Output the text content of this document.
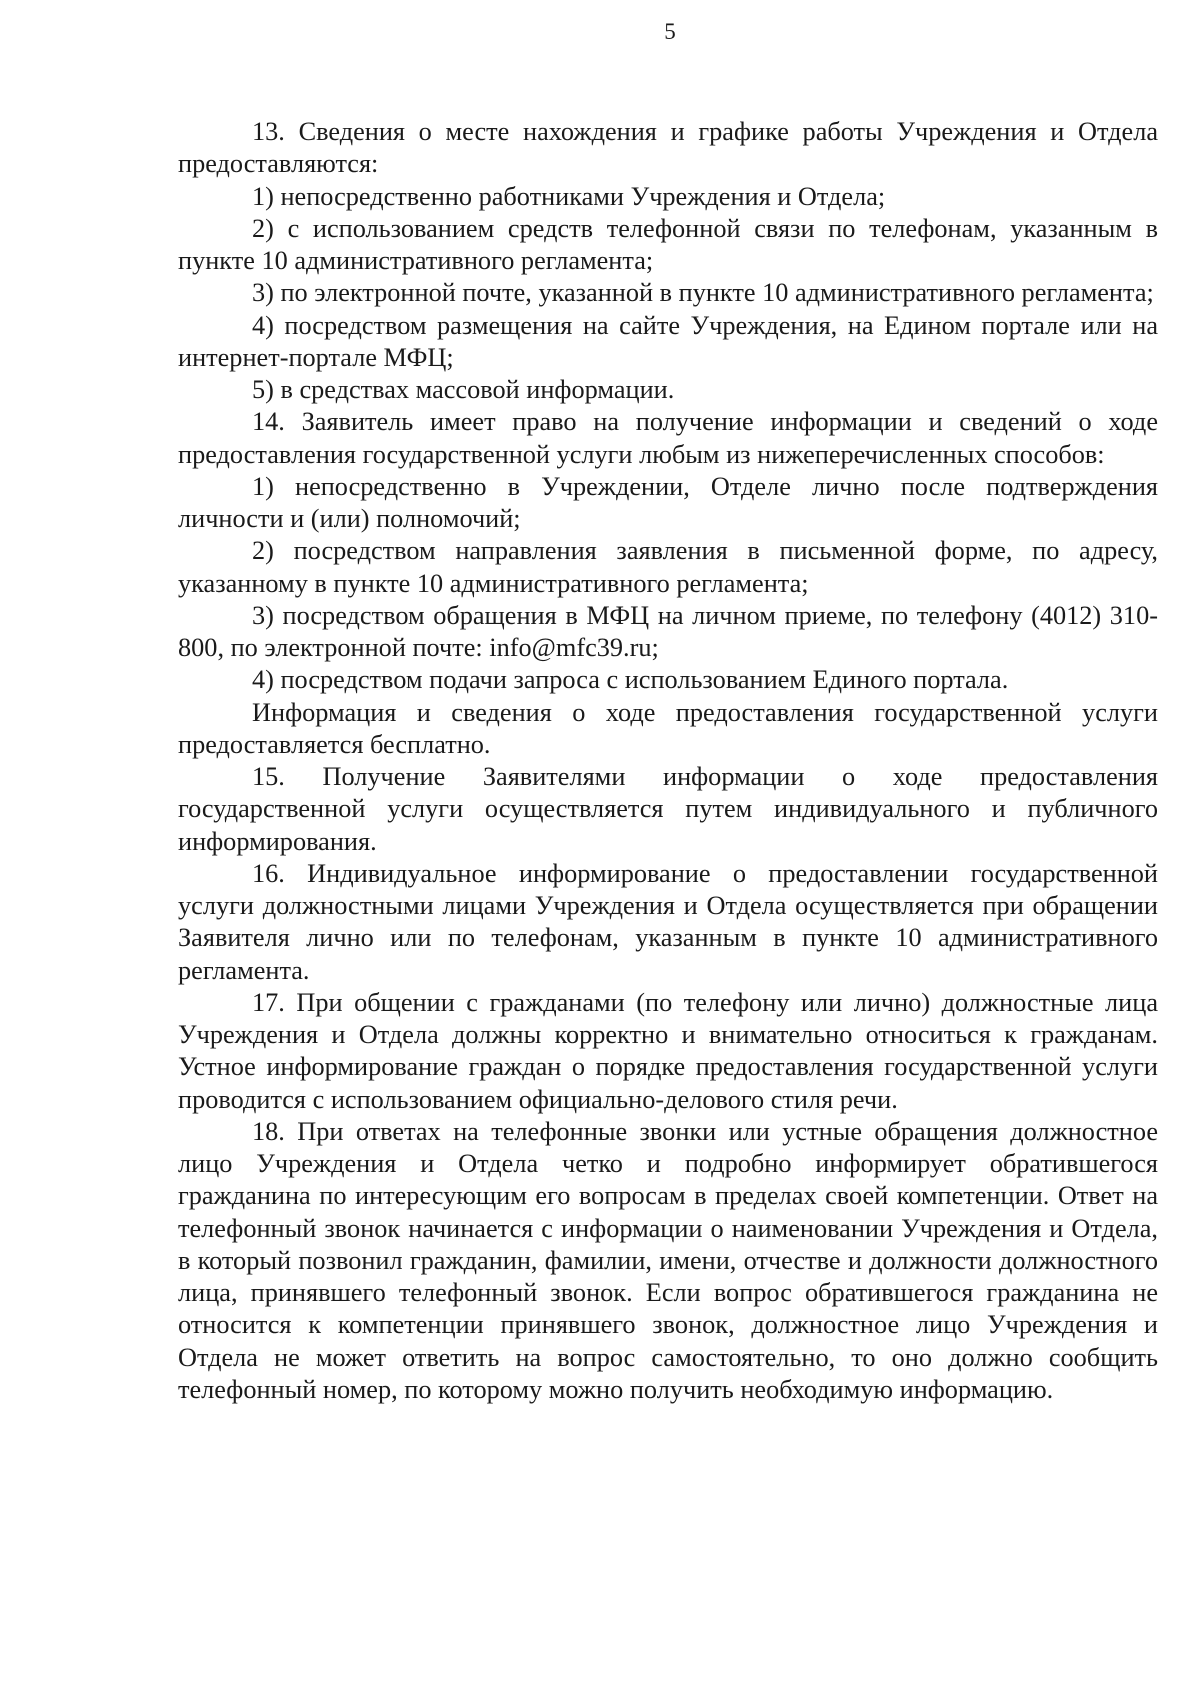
5

13. Сведения о месте нахождения и графике работы Учреждения и Отдела предоставляются:

1) непосредственно работниками Учреждения и Отдела;

2) с использованием средств телефонной связи по телефонам, указанным в пункте 10 административного регламента;

3) по электронной почте, указанной в пункте 10 административного регламента;

4) посредством размещения на сайте Учреждения, на Едином портале или на интернет-портале МФЦ;

5) в средствах массовой информации.

14. Заявитель имеет право на получение информации и сведений о ходе предоставления государственной услуги любым из нижеперечисленных способов:

1) непосредственно в Учреждении, Отделе лично после подтверждения личности и (или) полномочий;

2) посредством направления заявления в письменной форме, по адресу, указанному в пункте 10 административного регламента;

3) посредством обращения в МФЦ на личном приеме, по телефону (4012) 310-800, по электронной почте: info@mfc39.ru;

4) посредством подачи запроса с использованием Единого портала.

Информация и сведения о ходе предоставления государственной услуги предоставляется бесплатно.

15. Получение Заявителями информации о ходе предоставления государственной услуги осуществляется путем индивидуального и публичного информирования.

16. Индивидуальное информирование о предоставлении государственной услуги должностными лицами Учреждения и Отдела осуществляется при обращении Заявителя лично или по телефонам, указанным в пункте 10 административного регламента.

17. При общении с гражданами (по телефону или лично) должностные лица Учреждения и Отдела должны корректно и внимательно относиться к гражданам. Устное информирование граждан о порядке предоставления государственной услуги проводится с использованием официально-делового стиля речи.

18. При ответах на телефонные звонки или устные обращения должностное лицо Учреждения и Отдела четко и подробно информирует обратившегося гражданина по интересующим его вопросам в пределах своей компетенции. Ответ на телефонный звонок начинается с информации о наименовании Учреждения и Отдела, в который позвонил гражданин, фамилии, имени, отчестве и должности должностного лица, принявшего телефонный звонок. Если вопрос обратившегося гражданина не относится к компетенции принявшего звонок, должностное лицо Учреждения и Отдела не может ответить на вопрос самостоятельно, то оно должно сообщить телефонный номер, по которому можно получить необходимую информацию.
